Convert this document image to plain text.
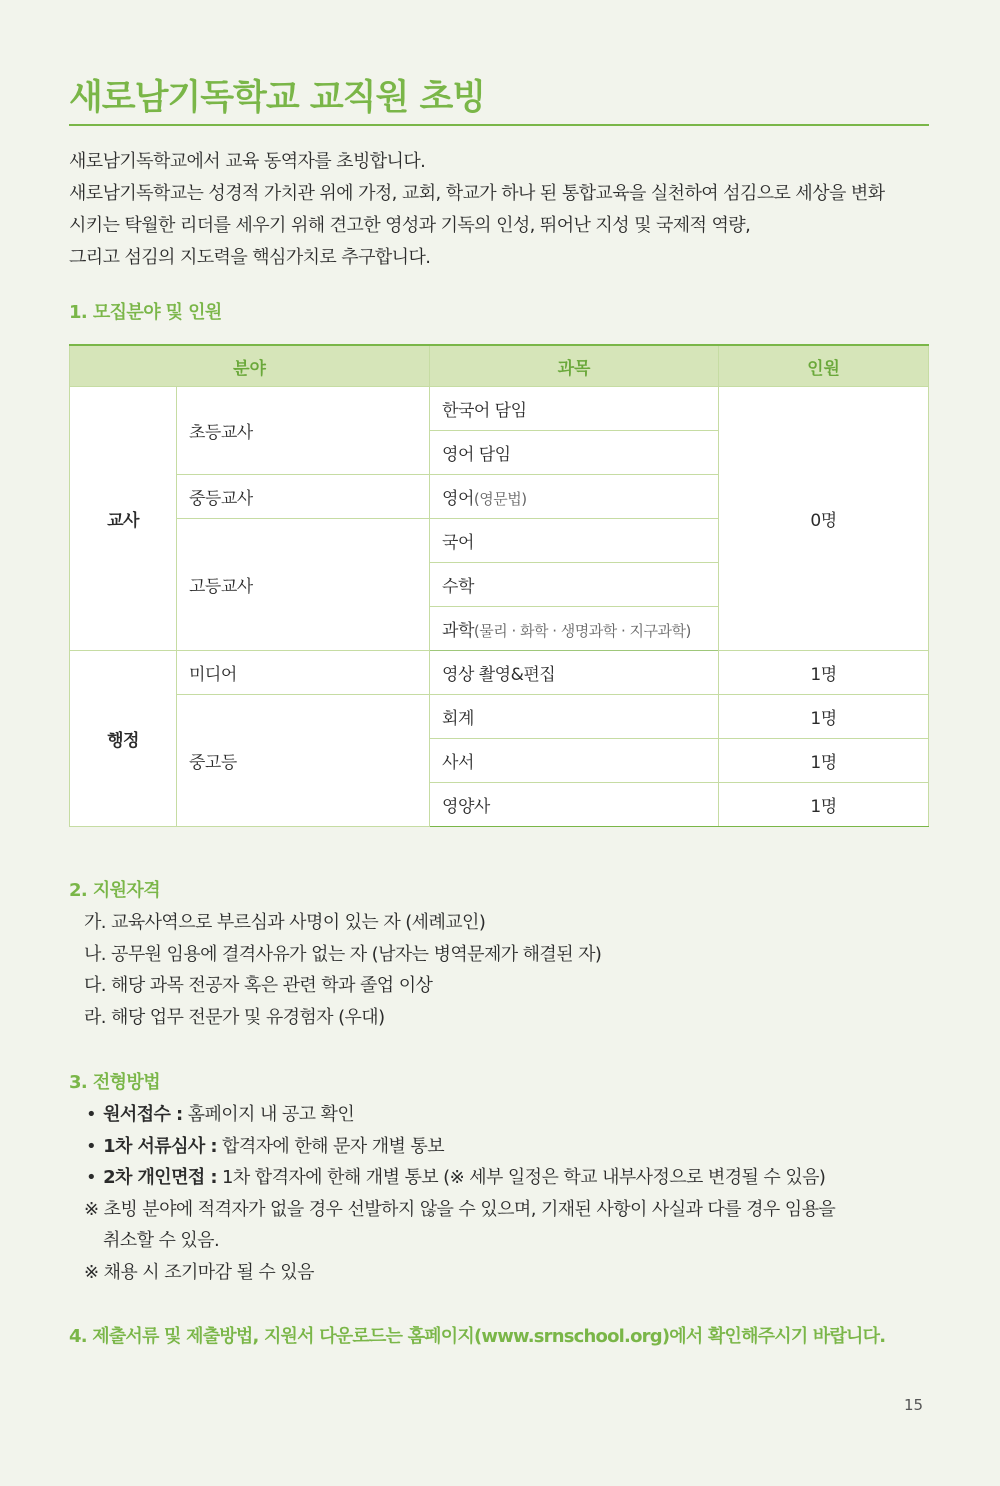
새로남기독학교 교직원 초빙

새로남기독학교에서 교육 동역자를 초빙합니다.

새로남기독학교는 성경적 가치관 위에 가정, 교회, 학교가 하나 된 통합교육을 실천하여 섬김으로 세상을 변화

시키는 탁월한 리더를 세우기 위해 견고한 영성과 기독의 인성, 뛰어난 지성 및 국제적 역량,

그리고 섬김의 지도력을 핵심가치로 추구합니다.

1. 모집분야 및 인원
분야		과목	인원
교사	초등교사	한국어 담임	0명
		영어 담임	
	중등교사	영어(영문법)	
	고등교사	국어	
		수학	
		과학(물리 · 화학 · 생명과학 · 지구과학)	
행정	미디어	영상 촬영&편집	1명
	중고등	회계	1명
		사서	1명
		영양사	1명
2. 지원자격
가. 교육사역으로 부르심과 사명이 있는 자 (세례교인)
나. 공무원 임용에 결격사유가 없는 자 (남자는 병역문제가 해결된 자)
다. 해당 과목 전공자 혹은 관련 학과 졸업 이상
라. 해당 업무 전문가 및 유경험자 (우대)
3. 전형방법
• 원서접수 : 홈페이지 내 공고 확인
• 1차 서류심사 : 합격자에 한해 문자 개별 통보
• 2차 개인면접 : 1차 합격자에 한해 개별 통보 (※ 세부 일정은 학교 내부사정으로 변경될 수 있음)
※ 초빙 분야에 적격자가 없을 경우 선발하지 않을 수 있으며, 기재된 사항이 사실과 다를 경우 임용을
취소할 수 있음.
※ 채용 시 조기마감 될 수 있음

4. 제출서류 및 제출방법, 지원서 다운로드는 홈페이지(www.srnschool.org)에서 확인해주시기 바랍니다.

15
